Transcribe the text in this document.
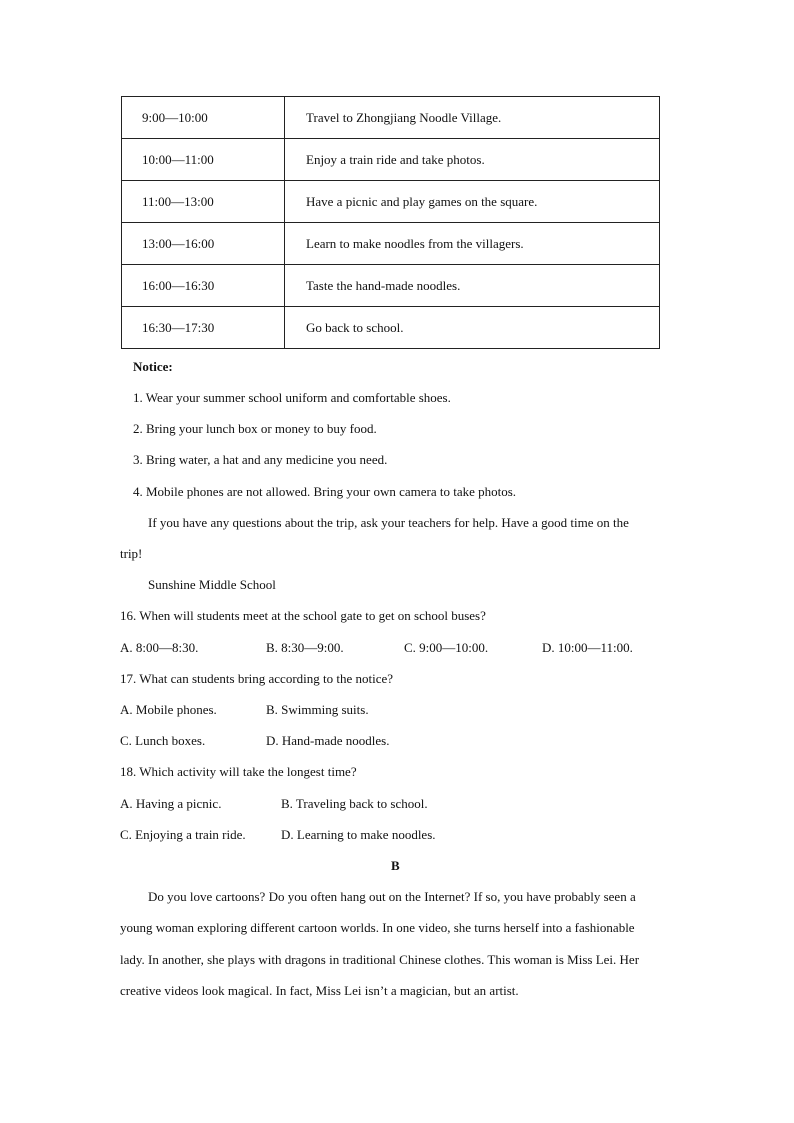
9:00—10:00	Travel to Zhongjiang Noodle Village.
10:00—11:00	Enjoy a train ride and take photos.
11:00—13:00	Have a picnic and play games on the square.
13:00—16:00	Learn to make noodles from the villagers.
16:00—16:30	Taste the hand-made noodles.
16:30—17:30	Go back to school.
Notice:
1. Wear your summer school uniform and comfortable shoes.
2. Bring your lunch box or money to buy food.
3. Bring water, a hat and any medicine you need.
4. Mobile phones are not allowed. Bring your own camera to take photos.
If you have any questions about the trip, ask your teachers for help. Have a good time on the
trip!
Sunshine Middle School
16. When will students meet at the school gate to get on school buses?
A. 8:00—8:30.	B. 8:30—9:00.	C. 9:00—10:00.	D. 10:00—11:00.
17. What can students bring according to the notice?
A. Mobile phones.	B. Swimming suits.
C. Lunch boxes.	D. Hand-made noodles.
18. Which activity will take the longest time?
A. Having a picnic.	B. Traveling back to school.
C. Enjoying a train ride.	D. Learning to make noodles.
B
Do you love cartoons? Do you often hang out on the Internet? If so, you have probably seen a
young woman exploring different cartoon worlds. In one video, she turns herself into a fashionable
lady. In another, she plays with dragons in traditional Chinese clothes. This woman is Miss Lei. Her
creative videos look magical. In fact, Miss Lei isn’t a magician, but an artist.
